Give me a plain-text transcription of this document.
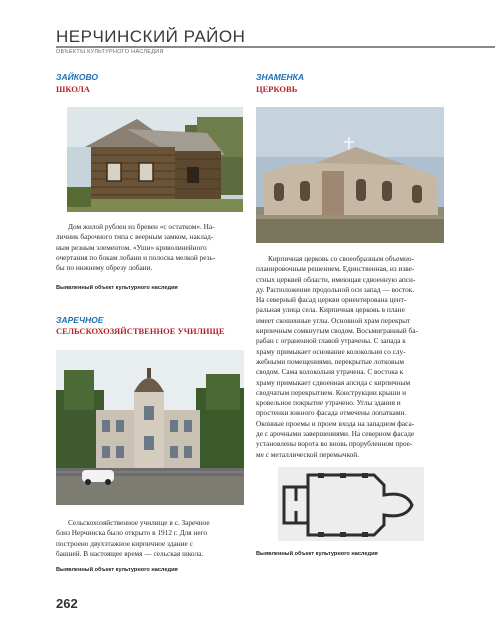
НЕРЧИНСКИЙ РАЙОН
ОБЪЕКТЫ КУЛЬТУРНОГО НАСЛЕДИЯ
ЗАЙКОВО
ШКОЛА
Дом жилой рублен из бревен «с остатком». На-
личник барочного типа с веерным замком, наклад-
ным резным элементом. «Уши» криволинейного
очертания по бокам лобани и полоска мелкой резь-
бы по нижнему обрезу лобани.
Выявленный объект культурного наследия
ЗАРЕЧНОЕ
СЕЛЬСКОХОЗЯЙСТВЕННОЕ УЧИЛИЩЕ
Сельскохозяйственное училище в с. Заречное
близ Нерчинска было открыто в 1912 г. Для него
построено двухэтажное кирпичное здание с
башней. В настоящее время — сельская школа.
Выявленный объект культурного наследия
ЗНАМЕНКА
ЦЕРКОВЬ
Кирпичная церковь со своеобразным объемно-
планировочным решением. Единственная, из изве-
стных церквей области, имеющая сдвоенную апси-
ду. Расположение продольной оси запад — восток.
На северный фасад церкви ориентирована цент-
ральная улица села. Кирпичная церковь в плане
имеет скошенные углы. Основной храм перекрыт
кирпичным сомкнутым сводом. Восьмигранный ба-
рабан с ограненной главой утрачены. С запада к
храму примыкает основание колокольни со слу-
жебными помещениями, перекрытые лотковым
сводом. Сама колокольня утрачена. С востока к
храму примыкает сдвоенная апсида с кирпичным
сводчатым перекрытием. Конструкции крыши и
кровельное покрытие утрачено. Углы здания и
простенки южного фасада отмечены лопатками.
Оконные проемы и проем входа на западном фаса-
де с арочными завершениями. На северном фасаде
установлены ворота во вновь прорубленном прое-
ме с металлической перемычкой.
Выявленный объект культурного наследия
262
